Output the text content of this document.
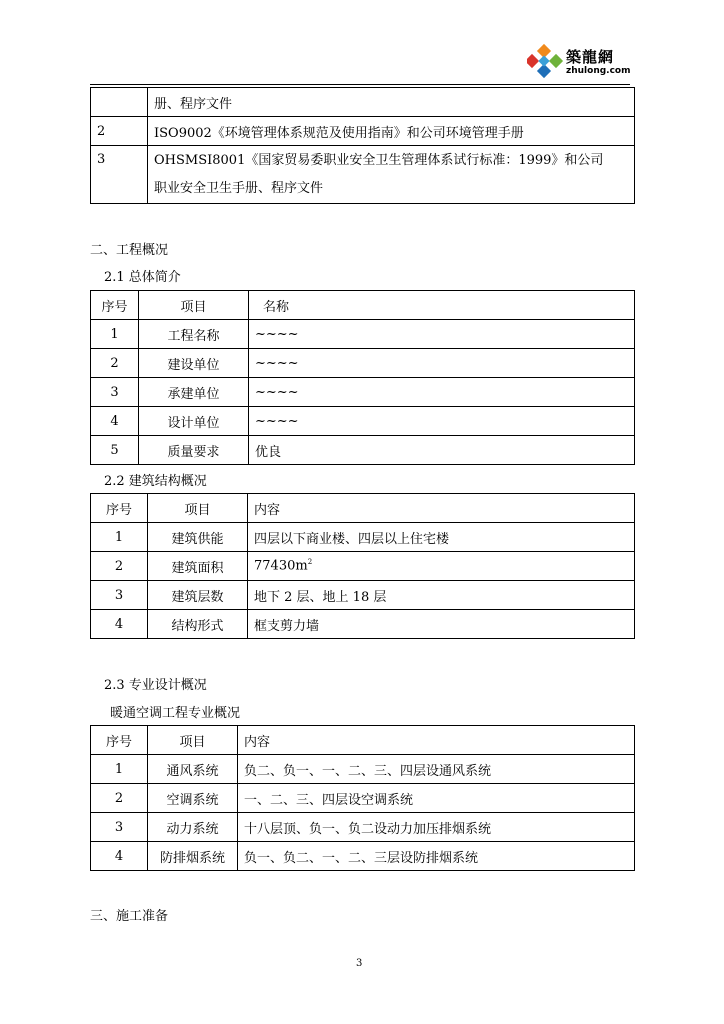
築龍網
zhulong.com
	册、程序文件
2	ISO9002《环境管理体系规范及使用指南》和公司环境管理手册
3	OHSMSI8001《国家贸易委职业安全卫生管理体系试行标准：1999》和公司
职业安全卫生手册、程序文件
二、工程概况
2.1 总体简介
序号	项目	名称
1	工程名称	~~~~
2	建设单位	~~~~
3	承建单位	~~~~
4	设计单位	~~~~
5	质量要求	优良
2.2 建筑结构概况
序号	项目	内容
1	建筑供能	四层以下商业楼、四层以上住宅楼
2	建筑面积	$77430m^2$
3	建筑层数	地下 2 层、地上 18 层
4	结构形式	框支剪力墙
2.3 专业设计概况
暖通空调工程专业概况
序号	项目	内容
1	通风系统	负二、负一、一、二、三、四层设通风系统
2	空调系统	一、二、三、四层设空调系统
3	动力系统	十八层顶、负一、负二设动力加压排烟系统
4	防排烟系统	负一、负二、一、二、三层设防排烟系统
三、施工准备
3
